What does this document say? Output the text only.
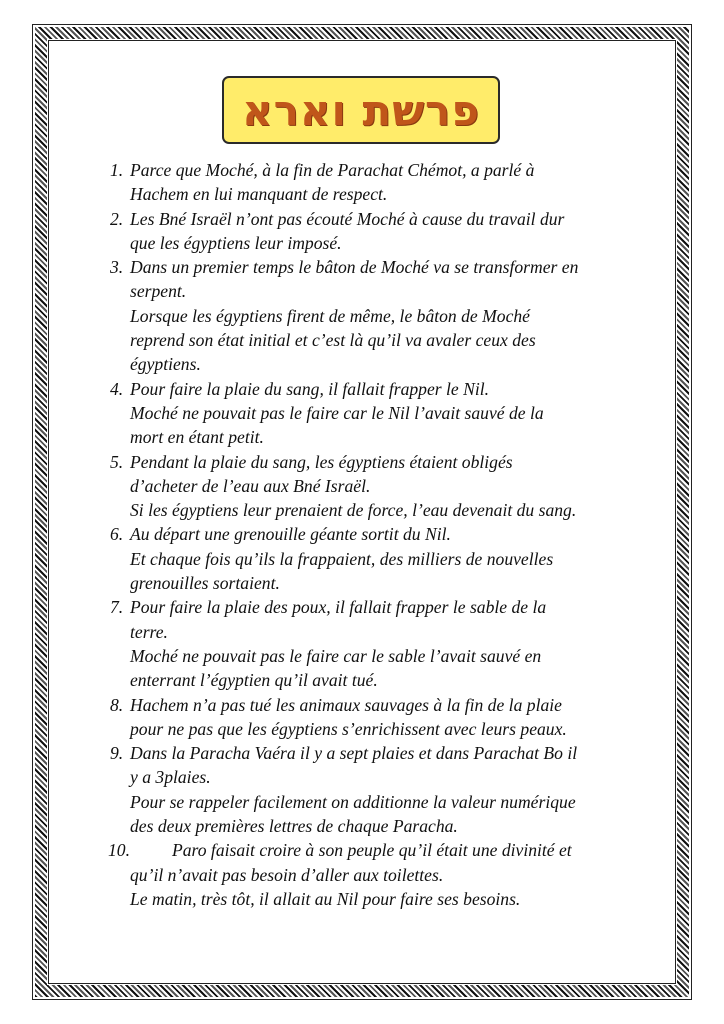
פרשת וארא
1. Parce que Moché, à la fin de Parachat Chémot, a parlé à
Hachem en lui manquant de respect.
2. Les Bné Israël n’ont pas écouté Moché à cause du travail dur
que les égyptiens leur imposé.
3. Dans un premier temps le bâton de Moché va se transformer en
serpent.
Lorsque les égyptiens firent de même, le bâton de Moché
reprend son état initial et c’est là qu’il va avaler ceux des
égyptiens.
4. Pour faire la plaie du sang, il fallait frapper le Nil.
Moché ne pouvait pas le faire car le Nil l’avait sauvé de la
mort en étant petit.
5. Pendant la plaie du sang, les égyptiens étaient obligés
d’acheter de l’eau aux Bné Israël.
Si les égyptiens leur prenaient de force, l’eau devenait du sang.
6. Au départ une grenouille géante sortit du Nil.
Et chaque fois qu’ils la frappaient, des milliers de nouvelles
grenouilles sortaient.
7. Pour faire la plaie des poux, il fallait frapper le sable de la
terre.
Moché ne pouvait pas le faire car le sable l’avait sauvé en
enterrant l’égyptien qu’il avait tué.
8. Hachem n’a pas tué les animaux sauvages à la fin de la plaie
pour ne pas que les égyptiens s’enrichissent avec leurs peaux.
9. Dans la Paracha Vaéra il y a sept plaies et dans Parachat Bo il
y a 3plaies.
Pour se rappeler facilement on additionne la valeur numérique
des deux premières lettres de chaque Paracha.
10.	Paro faisait croire à son peuple qu’il était une divinité et
qu’il n’avait pas besoin d’aller aux toilettes.
Le matin, très tôt, il allait au Nil pour faire ses besoins.
